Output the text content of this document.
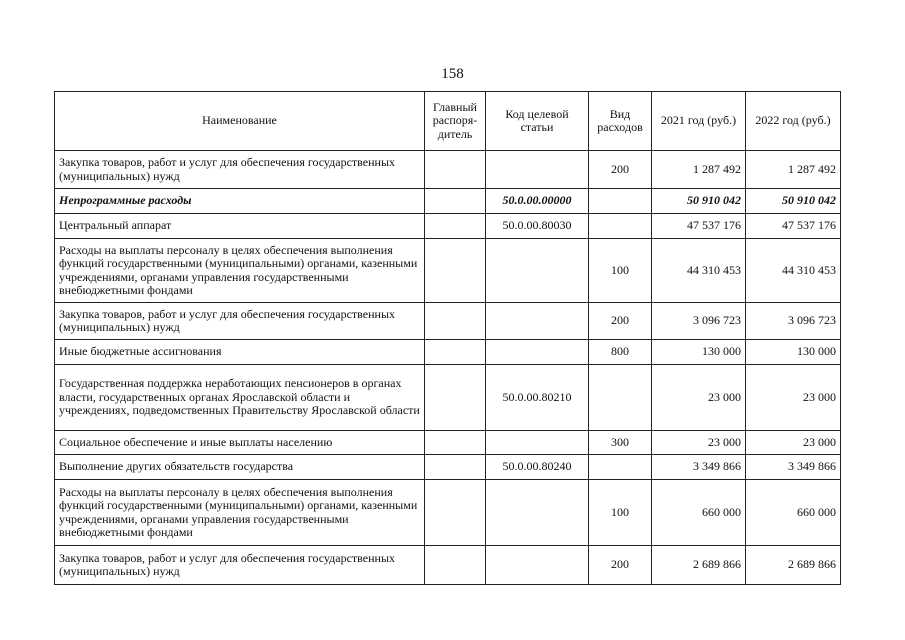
158
Наименование	Главный распоря-дитель	Код целевой статьи	Вид расходов	2021 год (руб.)	2022 год (руб.)
Закупка товаров, работ и услуг для обеспечения государственных (муниципальных) нужд			200	1 287 492	1 287 492
Непрограммные расходы		50.0.00.00000		50 910 042	50 910 042
Центральный аппарат		50.0.00.80030		47 537 176	47 537 176
Расходы на выплаты персоналу в целях обеспечения выполнения функций государственными (муниципальными) органами, казенными учреждениями, органами управления государственными внебюджетными фондами			100	44 310 453	44 310 453
Закупка товаров, работ и услуг для обеспечения государственных (муниципальных) нужд			200	3 096 723	3 096 723
Иные бюджетные ассигнования			800	130 000	130 000
Государственная поддержка неработающих пенсионеров в органах власти, государственных органах Ярославской области и учреждениях, подведомственных Правительству Ярославской области		50.0.00.80210		23 000	23 000
Социальное обеспечение и иные выплаты населению			300	23 000	23 000
Выполнение других обязательств государства		50.0.00.80240		3 349 866	3 349 866
Расходы на выплаты персоналу в целях обеспечения выполнения функций государственными (муниципальными) органами, казенными учреждениями, органами управления государственными внебюджетными фондами			100	660 000	660 000
Закупка товаров, работ и услуг для обеспечения государственных (муниципальных) нужд			200	2 689 866	2 689 866
